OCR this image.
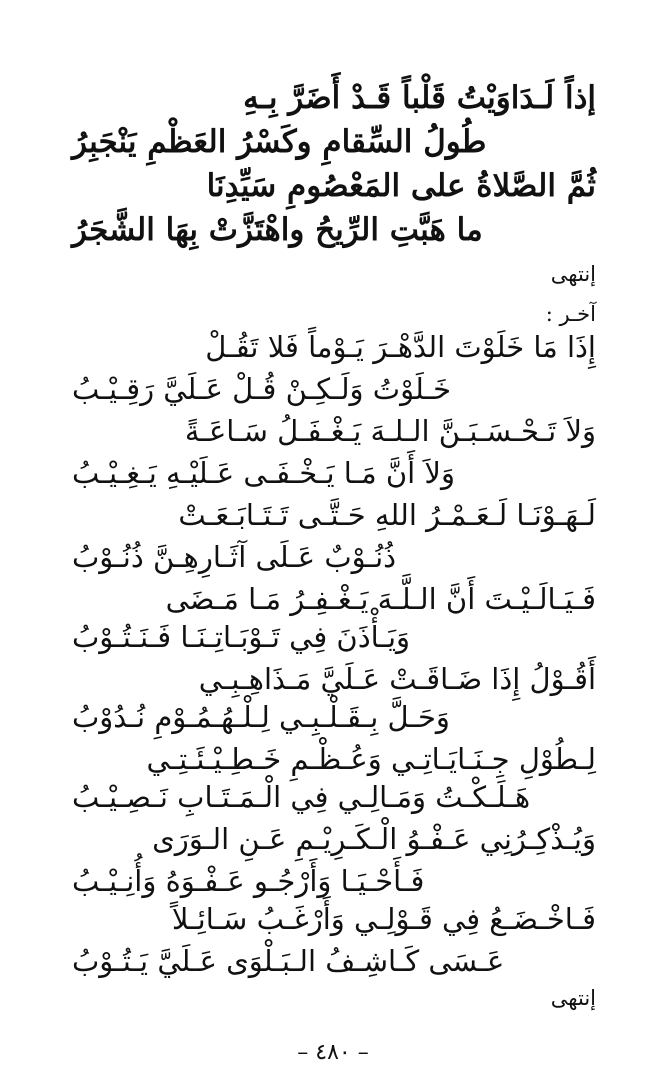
إذاً لَـدَاوَيْتُ قَلْباً قَـدْ أَضَرَّ بِـهِ
طُولُ السِّقامِ وكَسْرُ العَظْمِ يَنْجَبِرُ
ثُمَّ الصَّلاةُ على المَعْصُومِ سَيِّدِنَا
ما هَبَّتِ الرِّيحُ واهْتَزَّتْ بِهَا الشَّجَرُ
إنتهى
آخـر :
إِذَا مَا خَلَوْتَ الدَّهْـرَ يَـوْماً فَلا تَقُـلْ
خَـلَوْتُ وَلَـكِـنْ قُـلْ عَـلَيَّ رَقِـيْـبُ
وَلاَ تَـحْـسَـبَـنَّ الـلـهَ يَـغْـفَـلُ سَـاعَـةً
وَلاَ أَنَّ مَـا يَـخْـفَـى عَـلَيْـهِ يَـغِـيْـبُ
لَـهَـوْنَـا لَـعَـمْـرُ اللهِ حَـتَّـى تَـتَـابَـعَـتْ
ذُنُـوْبٌ عَـلَى آثَـارِهِـنَّ ذُنُـوْبُ
فَـيَـالَـيْـتَ أَنَّ الـلَّـهَ يَـغْـفِـرُ مَـا مَـضَى
وَيَـأْذَنَ فِي تَـوْبَـاتِـنَـا فَـنَـتُـوْبُ
أَقُـوْلُ إِذَا ضَـاقَـتْ عَـلَيَّ مَـذَاهِـبِـي
وَحَـلَّ بِـقَـلْـبِـي لِـلْـهُـمُـوْمِ نُـدُوْبُ
لِـطُوْلِ جِـنَـايَـاتِـي وَعُـظْـمِ خَـطِـيْـئَـتِـي
هَـلَـكْـتُ وَمَـالِـي فِي الْـمَـتَـابِ نَـصِـيْـبُ
وَيُـذْكِـرُنِي عَـفْـوُ الْـكَـرِيْـمِ عَـنِ الـوَرَى
فَـأَحْـيَـا وَأَرْجُـو عَـفْـوَهُ وَأُنِـيْـبُ
فَـاخْـضَـعُ فِي قَـوْلِـي وَأَرْغَـبُ سَـائِـلاً
عَـسَى كَـاشِـفُ الـبَـلْوَى عَـلَيَّ يَـتُـوْبُ
إنتهى
– ٤٨٠ –
